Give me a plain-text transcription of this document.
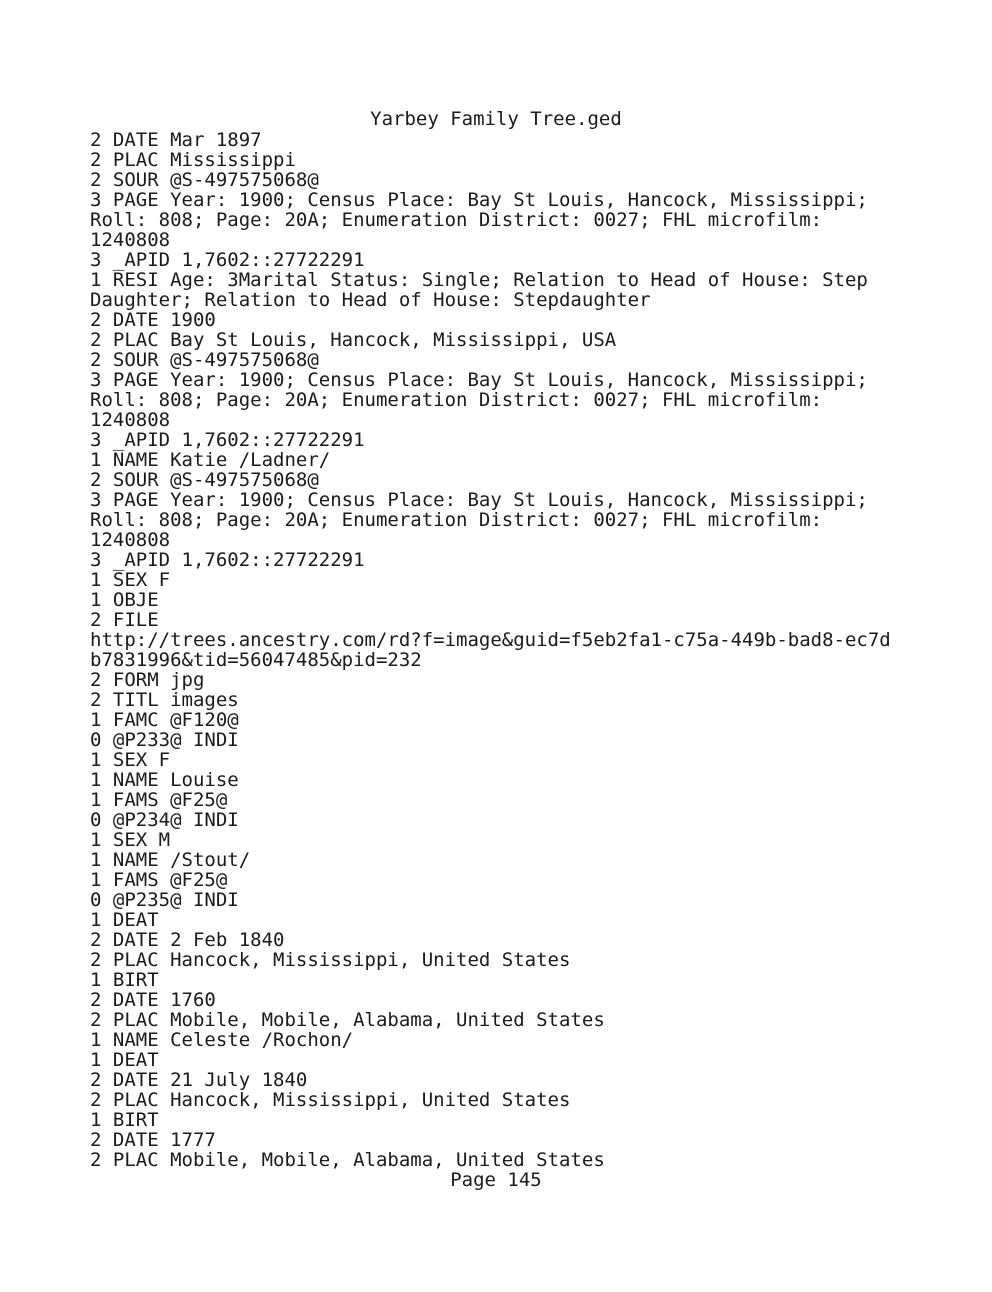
Yarbey Family Tree.ged
2 DATE Mar 1897
2 PLAC Mississippi
2 SOUR @S-497575068@
3 PAGE Year: 1900; Census Place: Bay St Louis, Hancock, Mississippi;
Roll: 808; Page: 20A; Enumeration District: 0027; FHL microfilm:
1240808
3 _APID 1,7602::27722291
1 RESI Age: 3Marital Status: Single; Relation to Head of House: Step
Daughter; Relation to Head of House: Stepdaughter
2 DATE 1900
2 PLAC Bay St Louis, Hancock, Mississippi, USA
2 SOUR @S-497575068@
3 PAGE Year: 1900; Census Place: Bay St Louis, Hancock, Mississippi;
Roll: 808; Page: 20A; Enumeration District: 0027; FHL microfilm:
1240808
3 _APID 1,7602::27722291
1 NAME Katie /Ladner/
2 SOUR @S-497575068@
3 PAGE Year: 1900; Census Place: Bay St Louis, Hancock, Mississippi;
Roll: 808; Page: 20A; Enumeration District: 0027; FHL microfilm:
1240808
3 _APID 1,7602::27722291
1 SEX F
1 OBJE
2 FILE
http://trees.ancestry.com/rd?f=image&guid=f5eb2fa1-c75a-449b-bad8-ec7d
b7831996&tid=56047485&pid=232
2 FORM jpg
2 TITL images
1 FAMC @F120@
0 @P233@ INDI
1 SEX F
1 NAME Louise
1 FAMS @F25@
0 @P234@ INDI
1 SEX M
1 NAME /Stout/
1 FAMS @F25@
0 @P235@ INDI
1 DEAT
2 DATE 2 Feb 1840
2 PLAC Hancock, Mississippi, United States
1 BIRT
2 DATE 1760
2 PLAC Mobile, Mobile, Alabama, United States
1 NAME Celeste /Rochon/
1 DEAT
2 DATE 21 July 1840
2 PLAC Hancock, Mississippi, United States
1 BIRT
2 DATE 1777
2 PLAC Mobile, Mobile, Alabama, United States
Page 145
